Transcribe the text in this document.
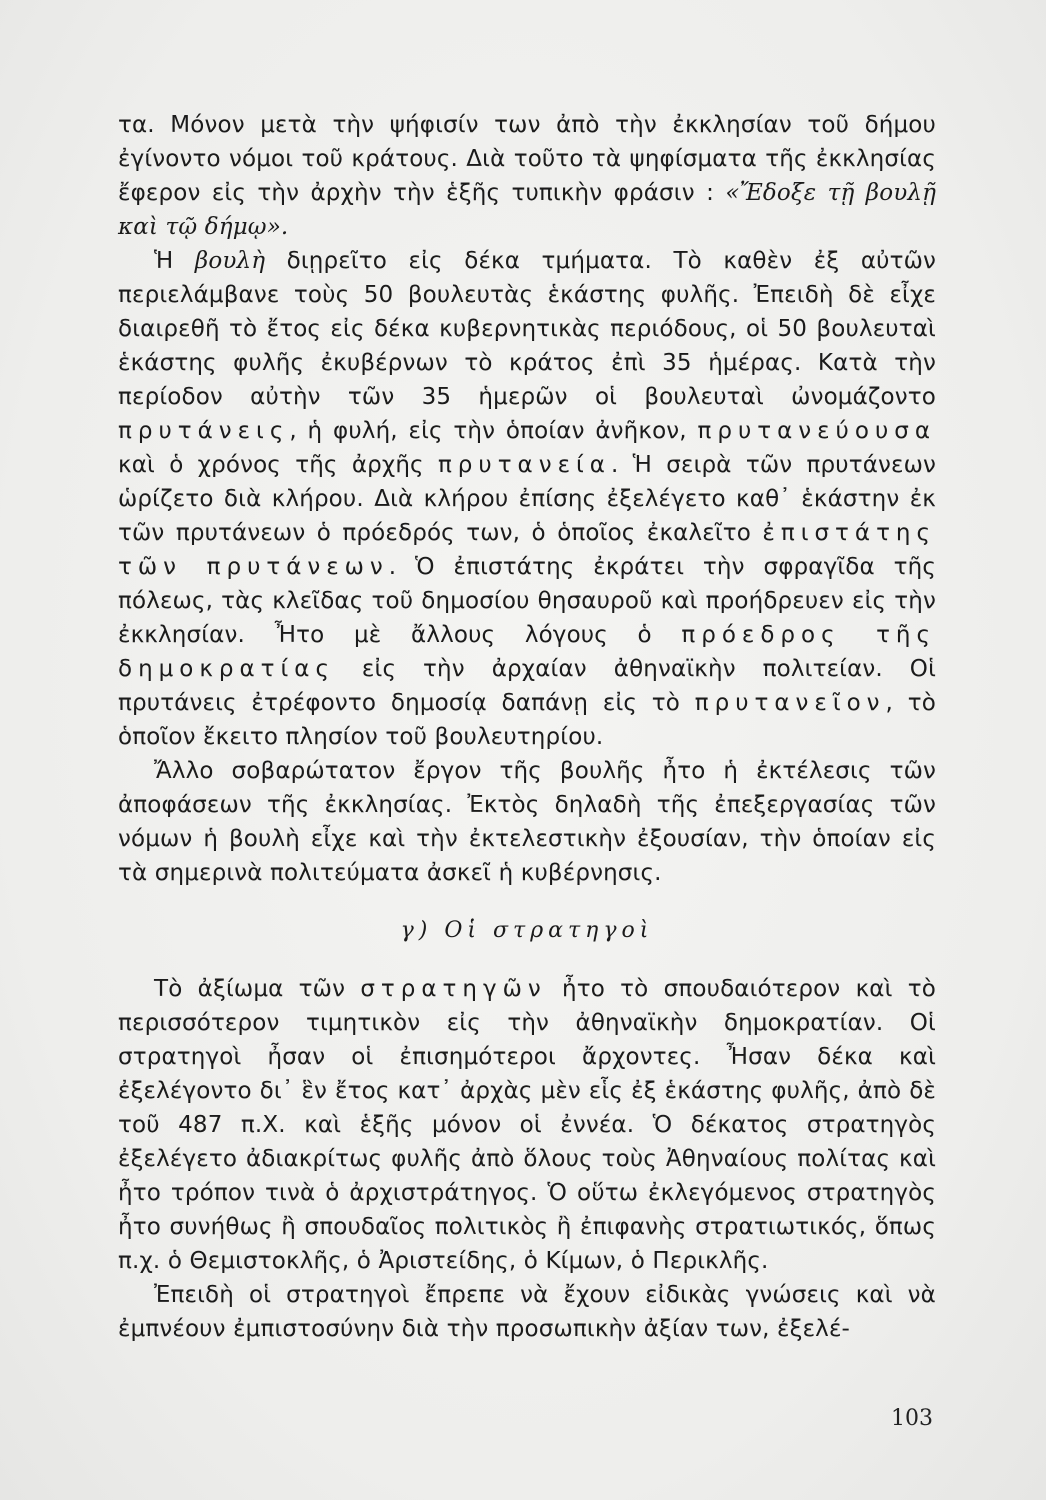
τα. Μόνον μετὰ τὴν ψήφισίν των ἀπὸ τὴν ἐκκλησίαν τοῦ δήμου ἐγίνοντο νόμοι τοῦ κράτους. Διὰ τοῦτο τὰ ψηφίσματα τῆς ἐκκλησίας ἔφερον εἰς τὴν ἀρχὴν τὴν ἑξῆς τυπικὴν φράσιν : «Ἔδοξε τῇ βουλῇ καὶ τῷ δήμῳ».

Ἡ βουλὴ διῃρεῖτο εἰς δέκα τμήματα. Τὸ καθὲν ἐξ αὐτῶν περιελάμβανε τοὺς 50 βουλευτὰς ἑκάστης φυλῆς. Ἐπειδὴ δὲ εἶχε διαιρεθῆ τὸ ἔτος εἰς δέκα κυβερνητικὰς περιόδους, οἱ 50 βουλευταὶ ἑκάστης φυλῆς ἐκυβέρνων τὸ κράτος ἐπὶ 35 ἡμέρας. Κατὰ τὴν περίοδον αὐτὴν τῶν 35 ἡμερῶν οἱ βουλευταὶ ὠνομάζοντο πρυτάνεις, ἡ φυλή, εἰς τὴν ὁποίαν ἀνῆκον, πρυτανεύουσα καὶ ὁ χρόνος τῆς ἀρχῆς πρυτανεία. Ἡ σειρὰ τῶν πρυτάνεων ὡρίζετο διὰ κλήρου. Διὰ κλήρου ἐπίσης ἐξελέγετο καθ᾽ ἑκάστην ἐκ τῶν πρυτάνεων ὁ πρόεδρός των, ὁ ὁποῖος ἐκαλεῖτο ἐπιστάτης τῶν πρυτάνεων. Ὁ ἐπιστάτης ἐκράτει τὴν σφραγῖδα τῆς πόλεως, τὰς κλεῖδας τοῦ δημοσίου θησαυροῦ καὶ προήδρευεν εἰς τὴν ἐκκλησίαν. Ἦτο μὲ ἄλλους λόγους ὁ πρόεδρος τῆς δημοκρατίας εἰς τὴν ἀρχαίαν ἀθηναϊκὴν πολιτείαν. Οἱ πρυτάνεις ἐτρέφοντο δημοσίᾳ δαπάνῃ εἰς τὸ πρυτανεῖον, τὸ ὁποῖον ἔκειτο πλησίον τοῦ βουλευτηρίου.

Ἄλλο σοβαρώτατον ἔργον τῆς βουλῆς ἦτο ἡ ἐκτέλεσις τῶν ἀποφάσεων τῆς ἐκκλησίας. Ἐκτὸς δηλαδὴ τῆς ἐπεξεργασίας τῶν νόμων ἡ βουλὴ εἶχε καὶ τὴν ἐκτελεστικὴν ἐξουσίαν, τὴν ὁποίαν εἰς τὰ σημερινὰ πολιτεύματα ἀσκεῖ ἡ κυβέρνησις.

γ) Οἱ στρατηγοὶ

Τὸ ἀξίωμα τῶν στρατηγῶν ἦτο τὸ σπουδαιότερον καὶ τὸ περισσότερον τιμητικὸν εἰς τὴν ἀθηναϊκὴν δημοκρατίαν. Οἱ στρατηγοὶ ἦσαν οἱ ἐπισημότεροι ἄρχοντες. Ἦσαν δέκα καὶ ἐξελέγοντο δι᾽ ἓν ἔτος κατ᾽ ἀρχὰς μὲν εἷς ἐξ ἑκάστης φυλῆς, ἀπὸ δὲ τοῦ 487 π.Χ. καὶ ἑξῆς μόνον οἱ ἐννέα. Ὁ δέκατος στρατηγὸς ἐξελέγετο ἀδιακρίτως φυλῆς ἀπὸ ὅλους τοὺς Ἀθηναίους πολίτας καὶ ἦτο τρόπον τινὰ ὁ ἀρχιστράτηγος. Ὁ οὕτω ἐκλεγόμενος στρατηγὸς ἦτο συνήθως ἢ σπουδαῖος πολιτικὸς ἢ ἐπιφανὴς στρατιωτικός, ὅπως π.χ. ὁ Θεμιστοκλῆς, ὁ Ἀριστείδης, ὁ Κίμων, ὁ Περικλῆς.

Ἐπειδὴ οἱ στρατηγοὶ ἔπρεπε νὰ ἔχουν εἰδικὰς γνώσεις καὶ νὰ ἐμπνέουν ἐμπιστοσύνην διὰ τὴν προσωπικὴν ἀξίαν των, ἐξελέ-

103
